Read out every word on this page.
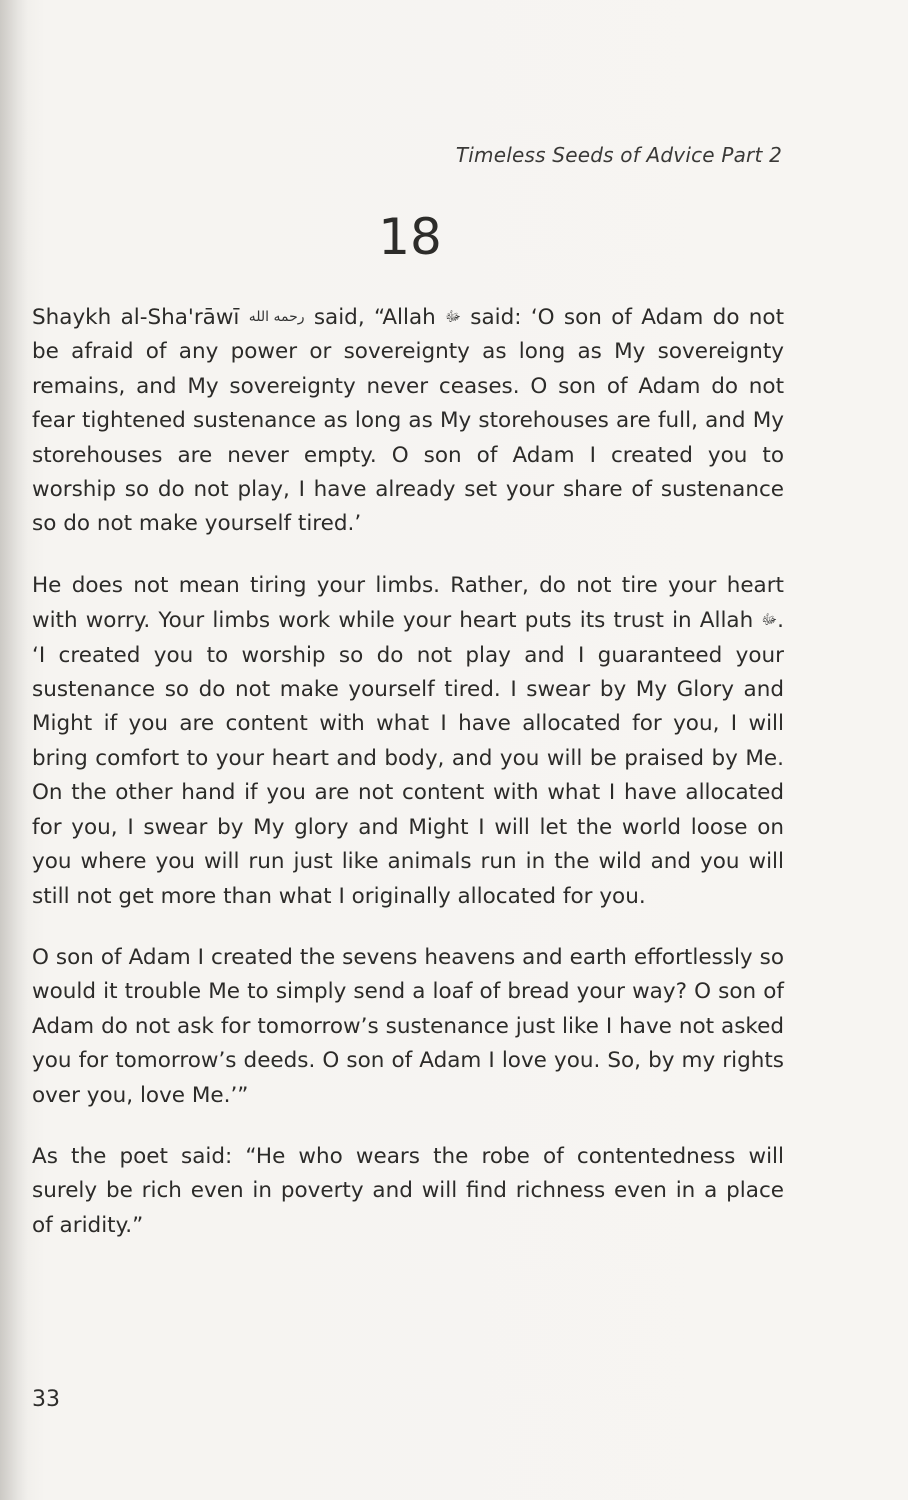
Timeless Seeds of Advice Part 2
18

Shaykh al-Sha'rāwī رحمه الله said, “Allah ﷻ said: ‘O son of Adam do not be afraid of any power or sovereignty as long as My sovereignty remains, and My sovereignty never ceases. O son of Adam do not fear tightened sustenance as long as My storehouses are full, and My storehouses are never empty. O son of Adam I created you to worship so do not play, I have already set your share of sustenance so do not make yourself tired.’

He does not mean tiring your limbs. Rather, do not tire your heart with worry. Your limbs work while your heart puts its trust in Allah ﷻ. ‘I created you to worship so do not play and I guaranteed your sustenance so do not make yourself tired. I swear by My Glory and Might if you are content with what I have allocated for you, I will bring comfort to your heart and body, and you will be praised by Me. On the other hand if you are not content with what I have allocated for you, I swear by My glory and Might I will let the world loose on you where you will run just like animals run in the wild and you will still not get more than what I originally allocated for you.

O son of Adam I created the sevens heavens and earth effortlessly so would it trouble Me to simply send a loaf of bread your way? O son of Adam do not ask for tomorrow’s sustenance just like I have not asked you for tomorrow’s deeds. O son of Adam I love you. So, by my rights over you, love Me.’”

As the poet said: “He who wears the robe of contentedness will surely be rich even in poverty and will find richness even in a place of aridity.”

33
